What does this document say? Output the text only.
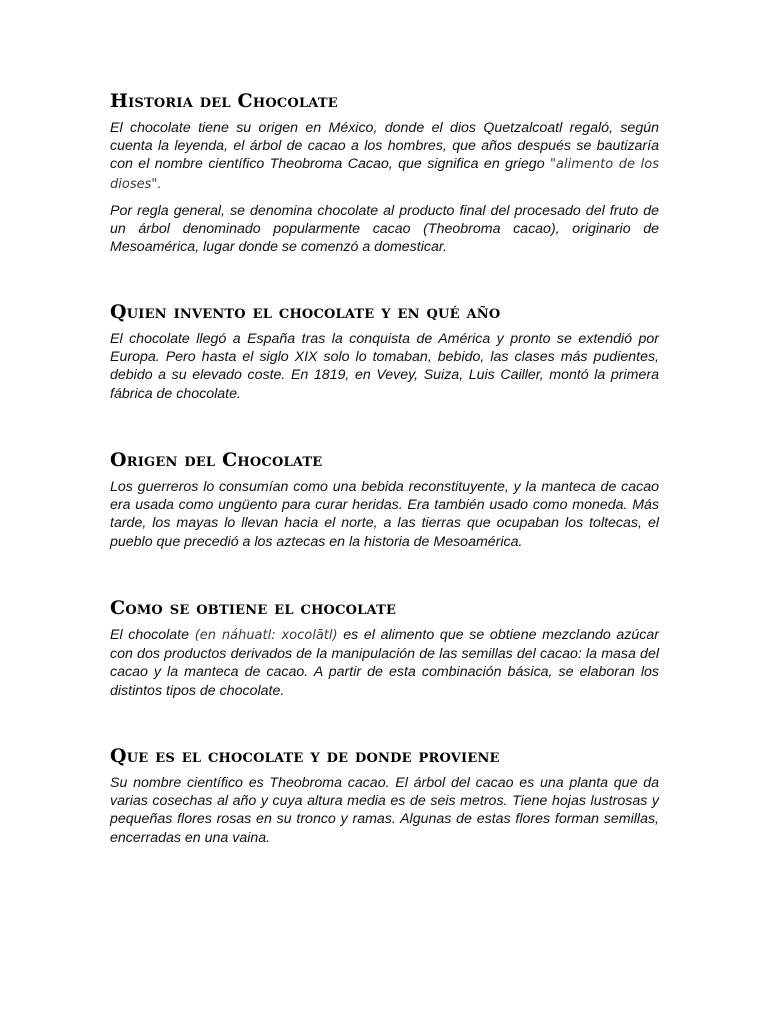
Historia del Chocolate

El chocolate tiene su origen en México, donde el dios Quetzalcoatl regaló, según cuenta la leyenda, el árbol de cacao a los hombres, que años después se bautizaría con el nombre científico Theobroma Cacao, que significa en griego "alimento de los dioses".

Por regla general, se denomina chocolate al producto final del procesado del fruto de un árbol denominado popularmente cacao (Theobroma cacao), originario de Mesoamérica, lugar donde se comenzó a domesticar.

Quien invento el chocolate y en qué año

El chocolate llegó a España tras la conquista de América y pronto se extendió por Europa. Pero hasta el siglo XIX solo lo tomaban, bebido, las clases más pudientes, debido a su elevado coste. En 1819, en Vevey, Suiza, Luis Cailler, montó la primera fábrica de chocolate.

Origen del Chocolate

Los guerreros lo consumían como una bebida reconstituyente, y la manteca de cacao era usada como ungüento para curar heridas. Era también usado como moneda. Más tarde, los mayas lo llevan hacia el norte, a las tierras que ocupaban los toltecas, el pueblo que precedió a los aztecas en la historia de Mesoamérica.

Como se obtiene el chocolate

El chocolate (en náhuatl: xocolātl) es el alimento que se obtiene mezclando azúcar con dos productos derivados de la manipulación de las semillas del cacao: la masa del cacao y la manteca de cacao. A partir de esta combinación básica, se elaboran los distintos tipos de chocolate.

Que es el chocolate y de donde proviene

Su nombre científico es Theobroma cacao. El árbol del cacao es una planta que da varias cosechas al año y cuya altura media es de seis metros. Tiene hojas lustrosas y pequeñas flores rosas en su tronco y ramas. Algunas de estas flores forman semillas, encerradas en una vaina.
